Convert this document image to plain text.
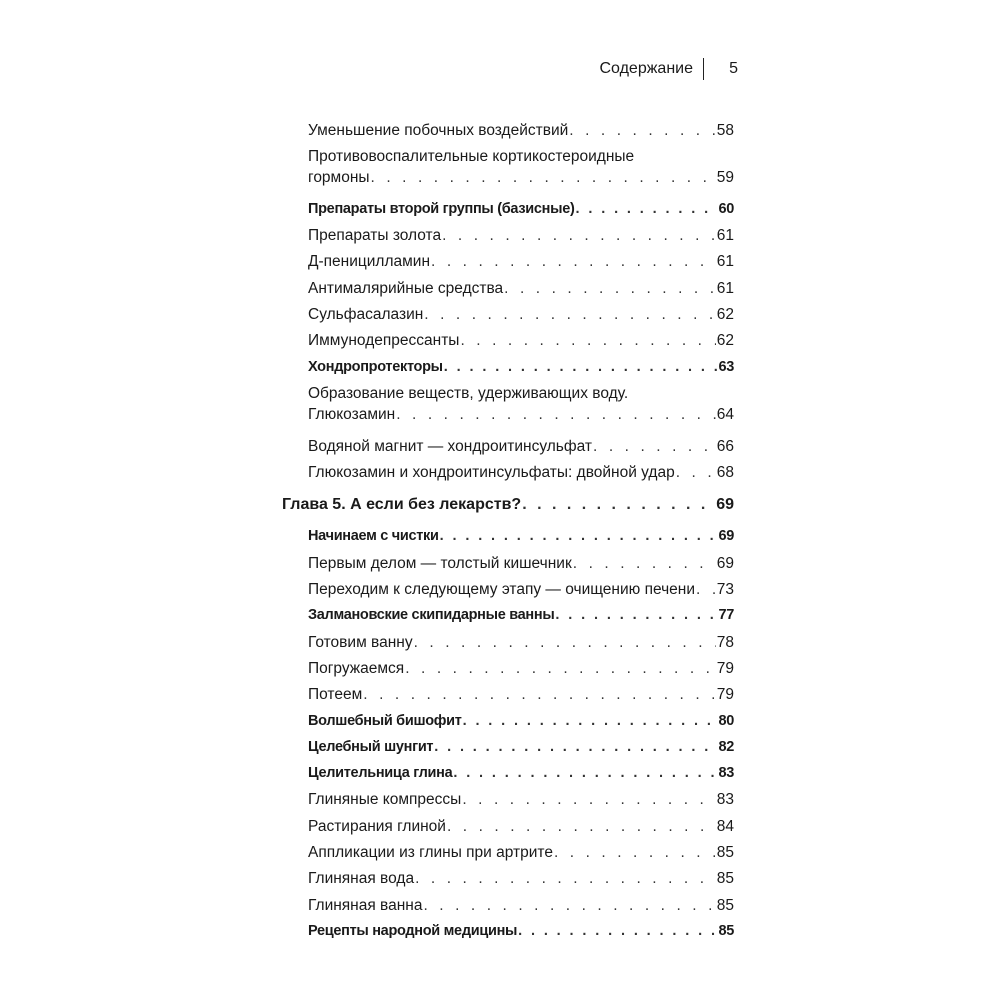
Содержание 5
Уменьшение побочных воздействий . . .	58
Противовоспалительные кортикостероидные
гормоны . . .	59
Препараты второй группы (базисные) . . .	60
Препараты золота . . .	61
Д-пеницилламин . . .	61
Антималярийные средства . . .	61
Сульфасалазин . . .	62
Иммунодепрессанты . . .	62
Хондропротекторы . . .	63
Образование веществ, удерживающих воду.
Глюкозамин . . .	64
Водяной магнит — хондроитинсульфат . . .	66
Глюкозамин и хондроитинсульфаты: двойной удар . . .	68
Глава 5. А если без лекарств? . . .	69
Начинаем с чистки . . .	69
Первым делом — толстый кишечник . . .	69
Переходим к следующему этапу — очищению печени . . . 73
Залмановские скипидарные ванны . . .	77
Готовим ванну . . .	78
Погружаемся . . .	79
Потеем . . .	79
Волшебный бишофит . . .	80
Целебный шунгит . . .	82
Целительница глина . . .	83
Глиняные компрессы . . .	83
Растирания глиной . . .	84
Аппликации из глины при артрите . . .	85
Глиняная вода . . .	85
Глиняная ванна . . .	85
Рецепты народной медицины . . .	85
